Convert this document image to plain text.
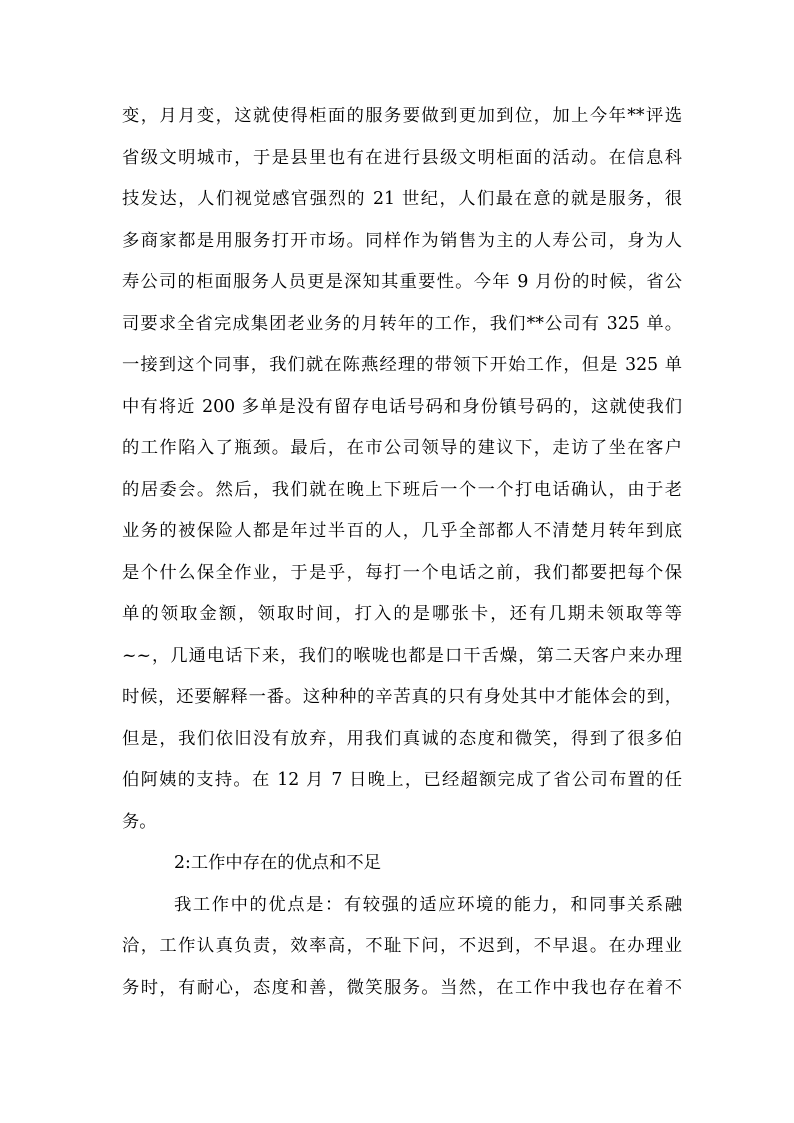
变，月月变，这就使得柜面的服务要做到更加到位，加上今年**评选
省级文明城市，于是县里也有在进行县级文明柜面的活动。在信息科
技发达，人们视觉感官强烈的 21 世纪，人们最在意的就是服务，很
多商家都是用服务打开市场。同样作为销售为主的人寿公司，身为人
寿公司的柜面服务人员更是深知其重要性。今年 9 月份的时候，省公
司要求全省完成集团老业务的月转年的工作，我们**公司有 325 单。
一接到这个同事，我们就在陈燕经理的带领下开始工作，但是 325 单
中有将近 200 多单是没有留存电话号码和身份镇号码的，这就使我们
的工作陷入了瓶颈。最后，在市公司领导的建议下，走访了坐在客户
的居委会。然后，我们就在晚上下班后一个一个打电话确认，由于老
业务的被保险人都是年过半百的人，几乎全部都人不清楚月转年到底
是个什么保全作业，于是乎，每打一个电话之前，我们都要把每个保
单的领取金额，领取时间，打入的是哪张卡，还有几期未领取等等
~~，几通电话下来，我们的喉咙也都是口干舌燥，第二天客户来办理
时候，还要解释一番。这种种的辛苦真的只有身处其中才能体会的到，
但是，我们依旧没有放弃，用我们真诚的态度和微笑，得到了很多伯
伯阿姨的支持。在 12 月 7 日晚上，已经超额完成了省公司布置的任
务。
2:工作中存在的优点和不足
我工作中的优点是：有较强的适应环境的能力，和同事关系融
洽，工作认真负责，效率高，不耻下问，不迟到，不早退。在办理业
务时，有耐心，态度和善，微笑服务。当然，在工作中我也存在着不
